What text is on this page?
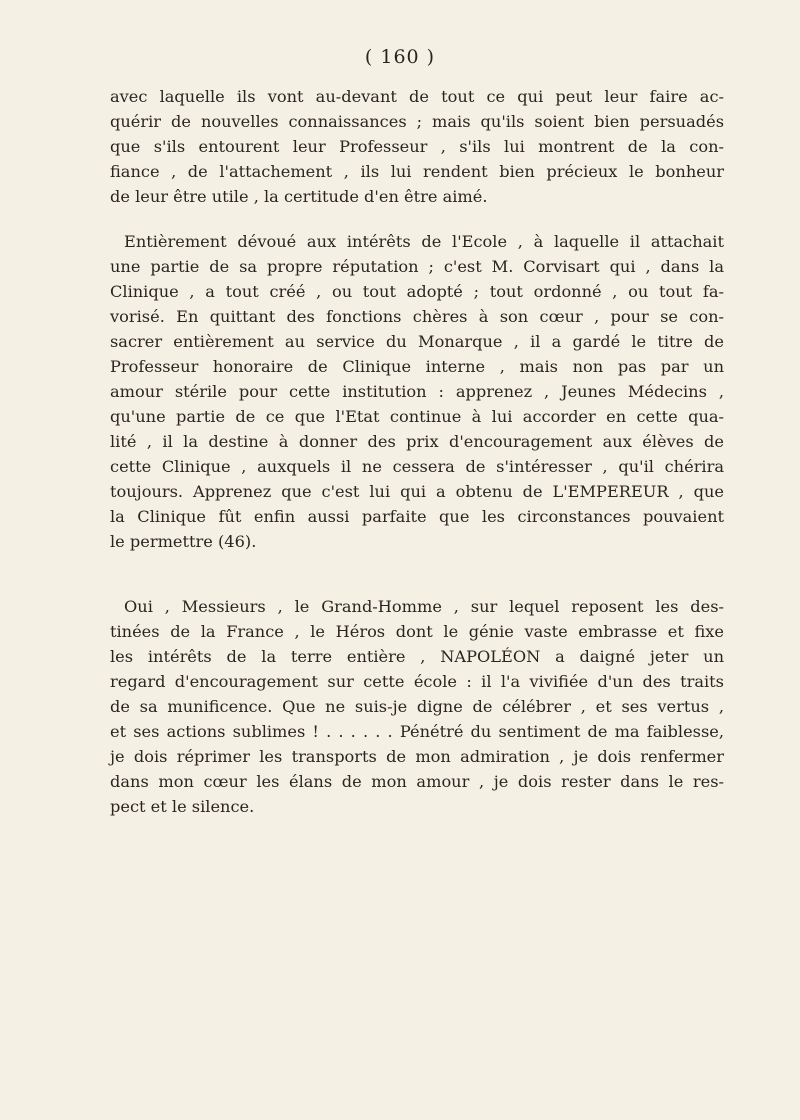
( 160 )
avec laquelle ils vont au-devant de tout ce qui peut leur faire ac-
quérir de nouvelles connaissances ; mais qu'ils soient bien persuadés
que s'ils entourent leur Professeur , s'ils lui montrent de la con-
fiance , de l'attachement , ils lui rendent bien précieux le bonheur
de leur être utile , la certitude d'en être aimé.
Entièrement dévoué aux intérêts de l'Ecole , à laquelle il attachait
une partie de sa propre réputation ; c'est M. Corvisart qui , dans la
Clinique , a tout créé , ou tout adopté ; tout ordonné , ou tout fa-
vorisé. En quittant des fonctions chères à son cœur , pour se con-
sacrer entièrement au service du Monarque , il a gardé le titre de
Professeur honoraire de Clinique interne , mais non pas par un
amour stérile pour cette institution : apprenez , Jeunes Médecins ,
qu'une partie de ce que l'Etat continue à lui accorder en cette qua-
lité , il la destine à donner des prix d'encouragement aux élèves de
cette Clinique , auxquels il ne cessera de s'intéresser , qu'il chérira
toujours. Apprenez que c'est lui qui a obtenu de L'EMPEREUR , que
la Clinique fût enfin aussi parfaite que les circonstances pouvaient
le permettre (46).
Oui , Messieurs , le Grand-Homme , sur lequel reposent les des-
tinées de la France , le Héros dont le génie vaste embrasse et fixe
les intérêts de la terre entière , NAPOLÉON a daigné jeter un
regard d'encouragement sur cette école : il l'a vivifiée d'un des traits
de sa munificence. Que ne suis-je digne de célébrer , et ses vertus ,
et ses actions sublimes ! . . . . . . Pénétré du sentiment de ma faiblesse,
je dois réprimer les transports de mon admiration , je dois renfermer
dans mon cœur les élans de mon amour , je dois rester dans le res-
pect et le silence.
